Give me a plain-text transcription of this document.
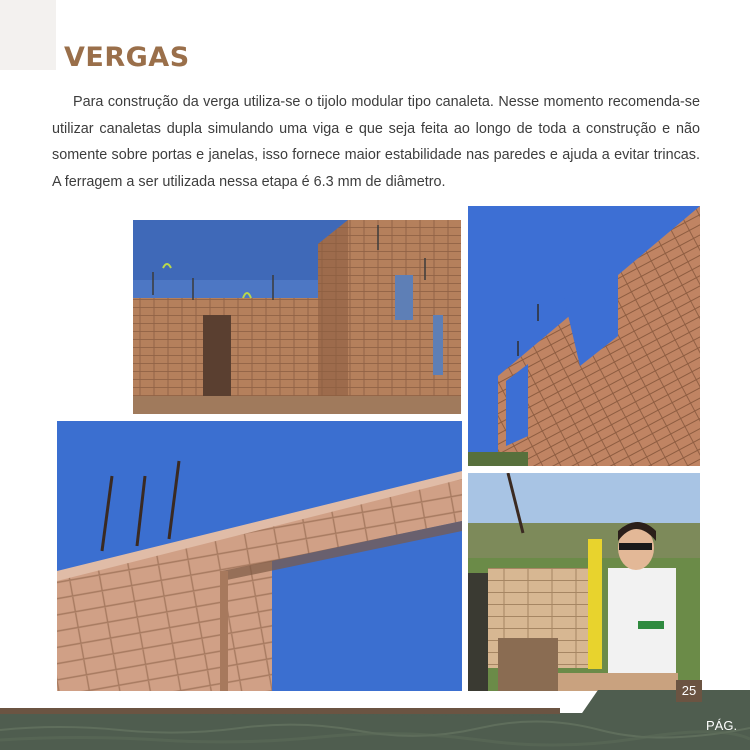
VERGAS

Para construção da verga utiliza-se o tijolo modular tipo canaleta. Nesse momento recomenda-se utilizar canaletas dupla simulando uma viga e que seja feita ao longo de toda a construção e não somente sobre portas e janelas, isso fornece maior estabilidade nas paredes e ajuda a evitar trincas. A ferragem a ser utilizada nessa etapa é 6.3 mm de diâmetro.

25
PÁG.
